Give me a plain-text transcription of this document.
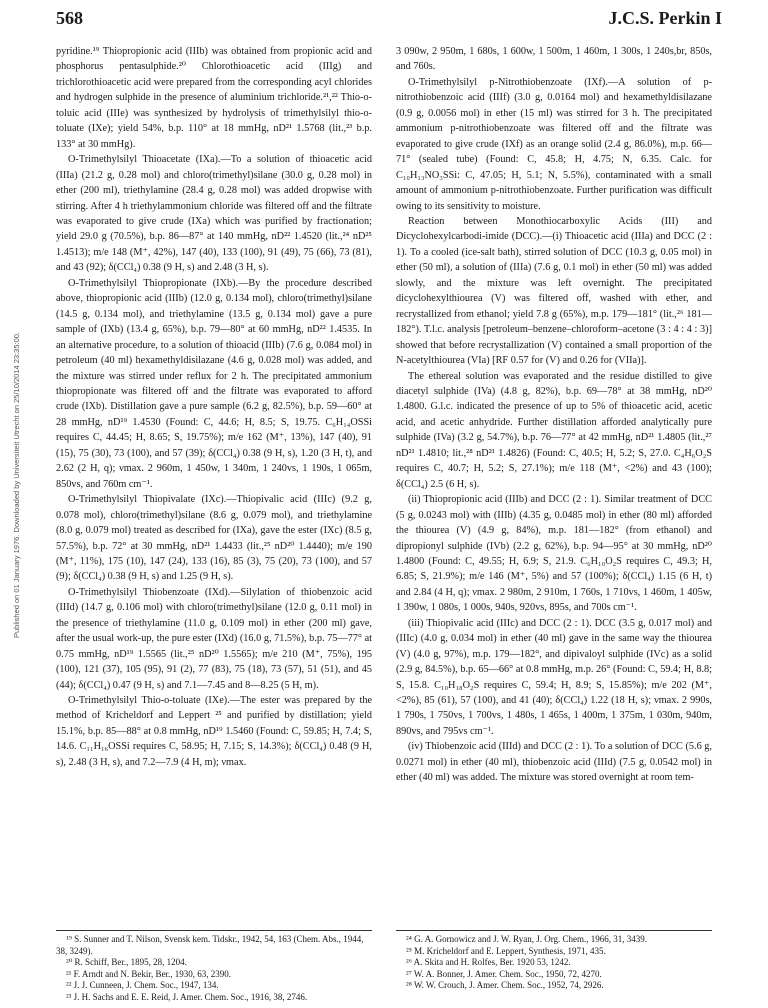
568	J.C.S. Perkin I
Published on 01 January 1976. Downloaded by Universiteit Utrecht on 25/10/2014 23:35:00.

pyridine.¹⁹ Thiopropionic acid (IIIb) was obtained from propionic acid and phosphorus pentasulphide.²⁰ Chlorothioacetic acid (IIIg) and trichlorothioacetic acid were prepared from the corresponding acyl chlorides and hydrogen sulphide in the presence of aluminium trichloride.²¹,²² Thio-o-toluic acid (IIIe) was synthesized by hydrolysis of trimethylsilyl thio-o-toluate (IXe); yield 54%, b.p. 110° at 18 mmHg, nD²¹ 1.5768 (lit.,²³ b.p. 133° at 30 mmHg).

O-Trimethylsilyl Thioacetate (IXa).—To a solution of thioacetic acid (IIIa) (21.2 g, 0.28 mol) and chloro(trimethyl)silane (30.0 g, 0.28 mol) in ether (200 ml), triethylamine (28.4 g, 0.28 mol) was added dropwise with stirring. After 4 h triethylammonium chloride was filtered off and the filtrate was evaporated to give crude (IXa) which was purified by fractionation; yield 29.0 g (70.5%), b.p. 86—87° at 140 mmHg, nD²² 1.4520 (lit.,²⁴ nD²⁵ 1.4513); m/e 148 (M⁺, 42%), 147 (40), 133 (100), 91 (49), 75 (66), 73 (81), and 43 (92); δ(CCl₄) 0.38 (9 H, s) and 2.48 (3 H, s).

O-Trimethylsilyl Thiopropionate (IXb).—By the procedure described above, thiopropionic acid (IIIb) (12.0 g, 0.134 mol), chloro(trimethyl)silane (14.5 g, 0.134 mol), and triethylamine (13.5 g, 0.134 mol) gave a pure sample of (IXb) (13.4 g, 65%), b.p. 79—80° at 60 mmHg, nD²² 1.4535. In an alternative procedure, to a solution of thioacid (IIIb) (7.6 g, 0.084 mol) in petroleum (40 ml) hexamethyldisilazane (4.6 g, 0.028 mol) was added, and the mixture was stirred under reflux for 2 h. The precipitated ammonium thiopropionate was filtered off and the filtrate was evaporated to afford crude (IXb). Distillation gave a pure sample (6.2 g, 82.5%), b.p. 59—60° at 28 mmHg, nD¹⁹ 1.4530 (Found: C, 44.6; H, 8.5; S, 19.75. C₆H₁₄OSSi requires C, 44.45; H, 8.65; S, 19.75%); m/e 162 (M⁺, 13%), 147 (40), 91 (15), 75 (30), 73 (100), and 57 (39); δ(CCl₄) 0.38 (9 H, s), 1.20 (3 H, t), and 2.62 (2 H, q); νmax. 2 960m, 1 450w, 1 340m, 1 240vs, 1 190s, 1 065m, 850vs, and 760m cm⁻¹.

O-Trimethylsilyl Thiopivalate (IXc).—Thiopivalic acid (IIIc) (9.2 g, 0.078 mol), chloro(trimethyl)silane (8.6 g, 0.079 mol), and triethylamine (8.0 g, 0.079 mol) treated as described for (IXa), gave the ester (IXc) (8.5 g, 57.5%), b.p. 72° at 30 mmHg, nD²¹ 1.4433 (lit.,²⁵ nD²⁰ 1.4440); m/e 190 (M⁺, 11%), 175 (10), 147 (24), 133 (16), 85 (3), 75 (20), 73 (100), and 57 (9); δ(CCl₄) 0.38 (9 H, s) and 1.25 (9 H, s).

O-Trimethylsilyl Thiobenzoate (IXd).—Silylation of thiobenzoic acid (IIId) (14.7 g, 0.106 mol) with chloro(trimethyl)silane (12.0 g, 0.11 mol) in the presence of triethylamine (11.0 g, 0.109 mol) in ether (200 ml) gave, after the usual work-up, the pure ester (IXd) (16.0 g, 71.5%), b.p. 75—77° at 0.75 mmHg, nD¹⁹ 1.5565 (lit.,²⁵ nD²⁰ 1.5565); m/e 210 (M⁺, 75%), 195 (100), 121 (37), 105 (95), 91 (2), 77 (83), 75 (18), 73 (57), 51 (51), and 45 (44); δ(CCl₄) 0.47 (9 H, s) and 7.1—7.45 and 8—8.25 (5 H, m).

O-Trimethylsilyl Thio-o-toluate (IXe).—The ester was prepared by the method of Kricheldorf and Leppert ²⁵ and purified by distillation; yield 15.1%, b.p. 85—88° at 0.8 mmHg, nD¹⁹ 1.5460 (Found: C, 59.85; H, 7.4; S, 14.6. C₁₁H₁₆OSSi requires C, 58.95; H, 7.15; S, 14.3%); δ(CCl₄) 0.48 (9 H, s), 2.48 (3 H, s), and 7.2—7.9 (4 H, m); νmax.

3 090w, 2 950m, 1 680s, 1 600w, 1 500m, 1 460m, 1 300s, 1 240s,br, 850s, and 760s.

O-Trimethylsilyl p-Nitrothiobenzoate (IXf).—A solution of p-nitrothiobenzoic acid (IIIf) (3.0 g, 0.0164 mol) and hexamethyldisilazane (0.9 g, 0.0056 mol) in ether (15 ml) was stirred for 3 h. The precipitated ammonium p-nitrothiobenzoate was filtered off and the filtrate was evaporated to give crude (IXf) as an orange solid (2.4 g, 86.0%), m.p. 66—71° (sealed tube) (Found: C, 45.8; H, 4.75; N, 6.35. Calc. for C₁₀H₁₃NO₃SSi: C, 47.05; H, 5.1; N, 5.5%), contaminated with a small amount of ammonium p-nitrothiobenzoate. Further purification was difficult owing to its sensitivity to moisture.

Reaction between Monothiocarboxylic Acids (III) and Dicyclohexylcarbodi-imide (DCC).—(i) Thioacetic acid (IIIa) and DCC (2 : 1). To a cooled (ice-salt bath), stirred solution of DCC (10.3 g, 0.05 mol) in ether (50 ml), a solution of (IIIa) (7.6 g, 0.1 mol) in ether (50 ml) was added slowly, and the mixture was left overnight. The precipitated dicyclohexylthiourea (V) was filtered off, washed with ether, and recrystallized from ethanol; yield 7.8 g (65%), m.p. 179—181° (lit.,²⁶ 181—182°). T.l.c. analysis [petroleum–benzene–chloroform–acetone (3 : 4 : 4 : 3)] showed that before recrystallization (V) contained a small proportion of the N-acetylthiourea (VIa) [RF 0.57 for (V) and 0.26 for (VIIa)].

The ethereal solution was evaporated and the residue distilled to give diacetyl sulphide (IVa) (4.8 g, 82%), b.p. 69—78° at 38 mmHg, nD²⁰ 1.4800. G.l.c. indicated the presence of up to 5% of thioacetic acid, acetic acid, and acetic anhydride. Further distillation afforded analytically pure sulphide (IVa) (3.2 g, 54.7%), b.p. 76—77° at 42 mmHg, nD²¹ 1.4805 (lit.,²⁷ nD²¹ 1.4810; lit.,²⁸ nD²¹ 1.4826) (Found: C, 40.5; H, 5.2; S, 27.0. C₄H₆O₂S requires C, 40.7; H, 5.2; S, 27.1%); m/e 118 (M⁺, <2%) and 43 (100); δ(CCl₄) 2.5 (6 H, s).

(ii) Thiopropionic acid (IIIb) and DCC (2 : 1). Similar treatment of DCC (5 g, 0.0243 mol) with (IIIb) (4.35 g, 0.0485 mol) in ether (80 ml) afforded the thiourea (V) (4.9 g, 84%), m.p. 181—182° (from ethanol) and dipropionyl sulphide (IVb) (2.2 g, 62%), b.p. 94—95° at 30 mmHg, nD²⁰ 1.4800 (Found: C, 49.55; H, 6.9; S, 21.9. C₆H₁₀O₂S requires C, 49.3; H, 6.85; S, 21.9%); m/e 146 (M⁺, 5%) and 57 (100%); δ(CCl₄) 1.15 (6 H, t) and 2.84 (4 H, q); νmax. 2 980m, 2 910m, 1 760s, 1 710vs, 1 460m, 1 405w, 1 390w, 1 080s, 1 000s, 940s, 920vs, 895s, and 700s cm⁻¹.

(iii) Thiopivalic acid (IIIc) and DCC (2 : 1). DCC (3.5 g, 0.017 mol) and (IIIc) (4.0 g, 0.034 mol) in ether (40 ml) gave in the same way the thiourea (V) (4.0 g, 97%), m.p. 179—182°, and dipivaloyl sulphide (IVc) as a solid (2.9 g, 84.5%), b.p. 65—66° at 0.8 mmHg, m.p. 26° (Found: C, 59.4; H, 8.8; S, 15.8. C₁₀H₁₈O₂S requires C, 59.4; H, 8.9; S, 15.85%); m/e 202 (M⁺, <2%), 85 (61), 57 (100), and 41 (40); δ(CCl₄) 1.22 (18 H, s); νmax. 2 990s, 1 790s, 1 750vs, 1 700vs, 1 480s, 1 465s, 1 400m, 1 375m, 1 030m, 940m, 890vs, and 795vs cm⁻¹.

(iv) Thiobenzoic acid (IIId) and DCC (2 : 1). To a solution of DCC (5.6 g, 0.0271 mol) in ether (40 ml), thiobenzoic acid (IIId) (7.5 g, 0.0542 mol) in ether (40 ml) was added. The mixture was stored overnight at room tem-

¹⁹ S. Sunner and T. Nilson, Svensk kem. Tidskr., 1942, 54, 163 (Chem. Abs., 1944, 38, 3249).

²⁰ R. Schiff, Ber., 1895, 28, 1204.

²¹ F. Arndt and N. Bekir, Ber., 1930, 63, 2390.

²² J. J. Cunneen, J. Chem. Soc., 1947, 134.

²³ J. H. Sachs and E. E. Reid, J. Amer. Chem. Soc., 1916, 38, 2746.

²⁴ G. A. Gornowicz and J. W. Ryan, J. Org. Chem., 1966, 31, 3439.

²⁵ M. Kricheldorf and E. Leppert, Synthesis, 1971, 435.

²⁶ A. Skita and H. Rolfes, Ber. 1920 53, 1242.

²⁷ W. A. Bonner, J. Amer. Chem. Soc., 1950, 72, 4270.

²⁸ W. W. Crouch, J. Amer. Chem. Soc., 1952, 74, 2926.
